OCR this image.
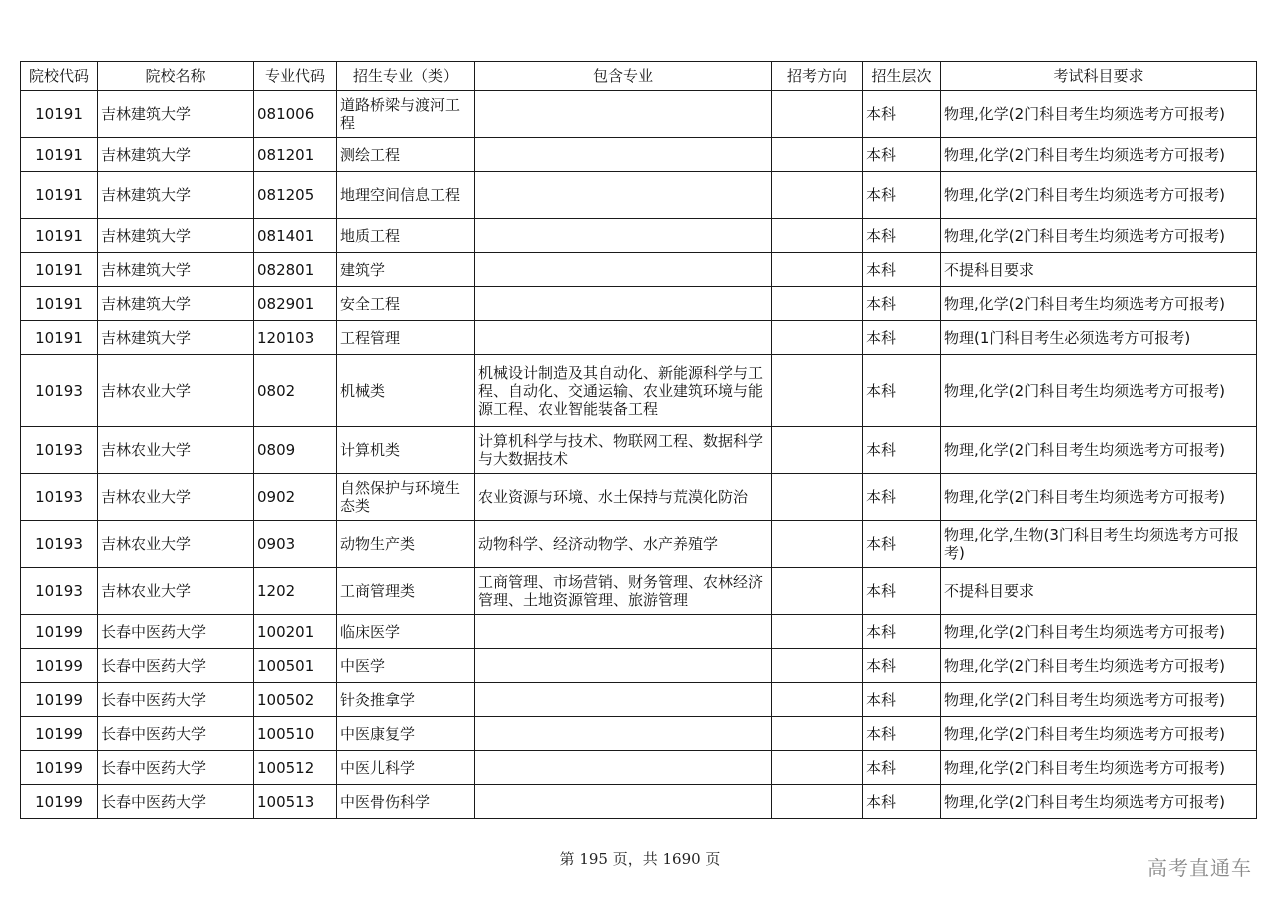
院校代码	院校名称	专业代码	招生专业（类）	包含专业	招考方向	招生层次	考试科目要求
10191	吉林建筑大学	081006	道路桥梁与渡河工程			本科	物理,化学(2门科目考生均须选考方可报考)
10191	吉林建筑大学	081201	测绘工程			本科	物理,化学(2门科目考生均须选考方可报考)
10191	吉林建筑大学	081205	地理空间信息工程			本科	物理,化学(2门科目考生均须选考方可报考)
10191	吉林建筑大学	081401	地质工程			本科	物理,化学(2门科目考生均须选考方可报考)
10191	吉林建筑大学	082801	建筑学			本科	不提科目要求
10191	吉林建筑大学	082901	安全工程			本科	物理,化学(2门科目考生均须选考方可报考)
10191	吉林建筑大学	120103	工程管理			本科	物理(1门科目考生必须选考方可报考)
10193	吉林农业大学	0802	机械类	机械设计制造及其自动化、新能源科学与工程、自动化、交通运输、农业建筑环境与能源工程、农业智能装备工程		本科	物理,化学(2门科目考生均须选考方可报考)
10193	吉林农业大学	0809	计算机类	计算机科学与技术、物联网工程、数据科学与大数据技术		本科	物理,化学(2门科目考生均须选考方可报考)
10193	吉林农业大学	0902	自然保护与环境生态类	农业资源与环境、水土保持与荒漠化防治		本科	物理,化学(2门科目考生均须选考方可报考)
10193	吉林农业大学	0903	动物生产类	动物科学、经济动物学、水产养殖学		本科	物理,化学,生物(3门科目考生均须选考方可报考)
10193	吉林农业大学	1202	工商管理类	工商管理、市场营销、财务管理、农林经济管理、土地资源管理、旅游管理		本科	不提科目要求
10199	长春中医药大学	100201	临床医学			本科	物理,化学(2门科目考生均须选考方可报考)
10199	长春中医药大学	100501	中医学			本科	物理,化学(2门科目考生均须选考方可报考)
10199	长春中医药大学	100502	针灸推拿学			本科	物理,化学(2门科目考生均须选考方可报考)
10199	长春中医药大学	100510	中医康复学			本科	物理,化学(2门科目考生均须选考方可报考)
10199	长春中医药大学	100512	中医儿科学			本科	物理,化学(2门科目考生均须选考方可报考)
10199	长春中医药大学	100513	中医骨伤科学			本科	物理,化学(2门科目考生均须选考方可报考)
第 195 页，共 1690 页	高考直通车
